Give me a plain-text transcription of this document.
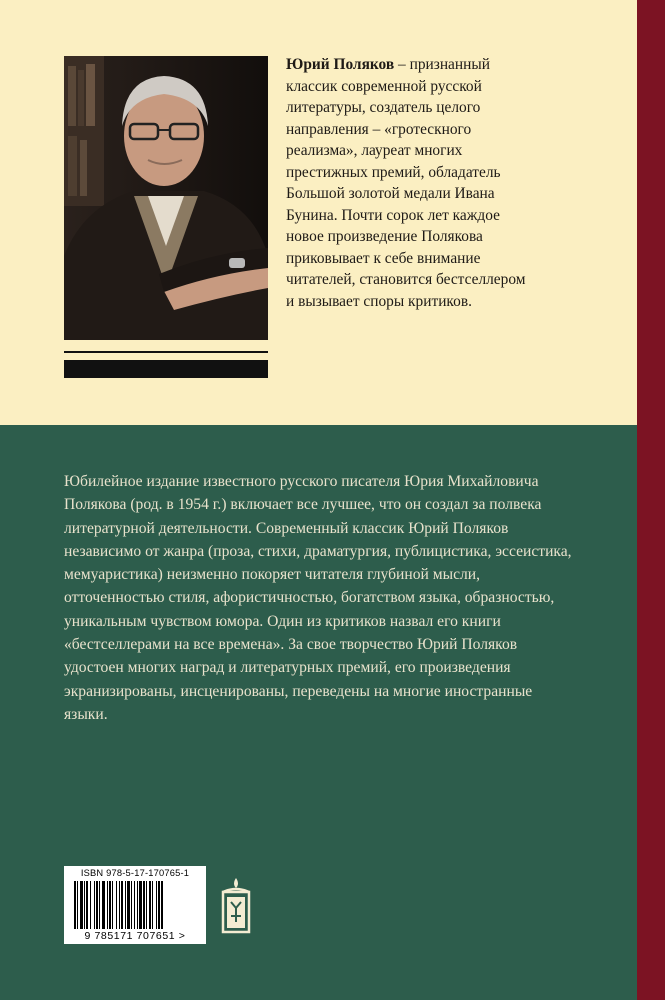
Юрий Поляков – признанный классик современной русской литературы, создатель целого направления – «гротескного реализма», лауреат многих престижных премий, обладатель Большой золотой медали Ивана Бунина. Почти сорок лет каждое новое произведение Полякова приковывает к себе внимание читателей, становится бестселлером и вызывает споры критиков.

Юбилейное издание известного русского писателя Юрия Михайловича Полякова (род. в 1954 г.) включает все лучшее, что он создал за полвека литературной деятельности. Современный классик Юрий Поляков независимо от жанра (проза, стихи, драматургия, публицистика, эссеистика, мемуаристика) неизменно покоряет читателя глубиной мысли, отточенностью стиля, афористичностью, богатством языка, образностью, уникальным чувством юмора. Один из критиков назвал его книги «бестселлерами на все времена». За свое творчество Юрий Поляков удостоен многих наград и литературных премий, его произведения экранизированы, инсценированы, переведены на многие иностранные языки.

ISBN 978-5-17-170765-1
9 785171 707651 >
